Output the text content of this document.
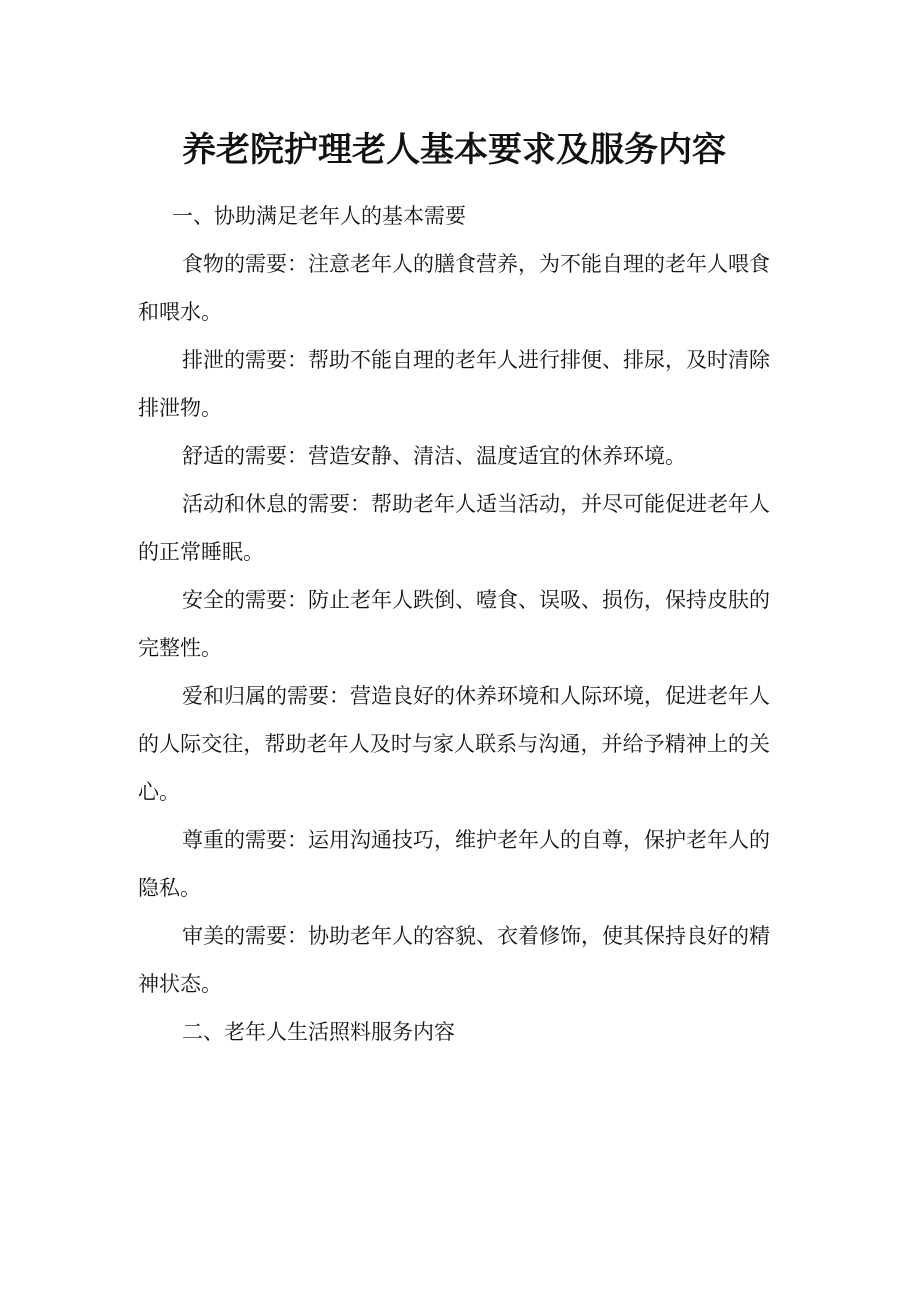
养老院护理老人基本要求及服务内容

一、协助满足老年人的基本需要

食物的需要：注意老年人的膳食营养，为不能自理的老年人喂食和喂水。

排泄的需要：帮助不能自理的老年人进行排便、排尿，及时清除排泄物。

舒适的需要：营造安静、清洁、温度适宜的休养环境。

活动和休息的需要：帮助老年人适当活动，并尽可能促进老年人的正常睡眠。

安全的需要：防止老年人跌倒、噎食、误吸、损伤，保持皮肤的完整性。

爱和归属的需要：营造良好的休养环境和人际环境，促进老年人的人际交往，帮助老年人及时与家人联系与沟通，并给予精神上的关心。

尊重的需要：运用沟通技巧，维护老年人的自尊，保护老年人的隐私。

审美的需要：协助老年人的容貌、衣着修饰，使其保持良好的精神状态。

二、老年人生活照料服务内容
